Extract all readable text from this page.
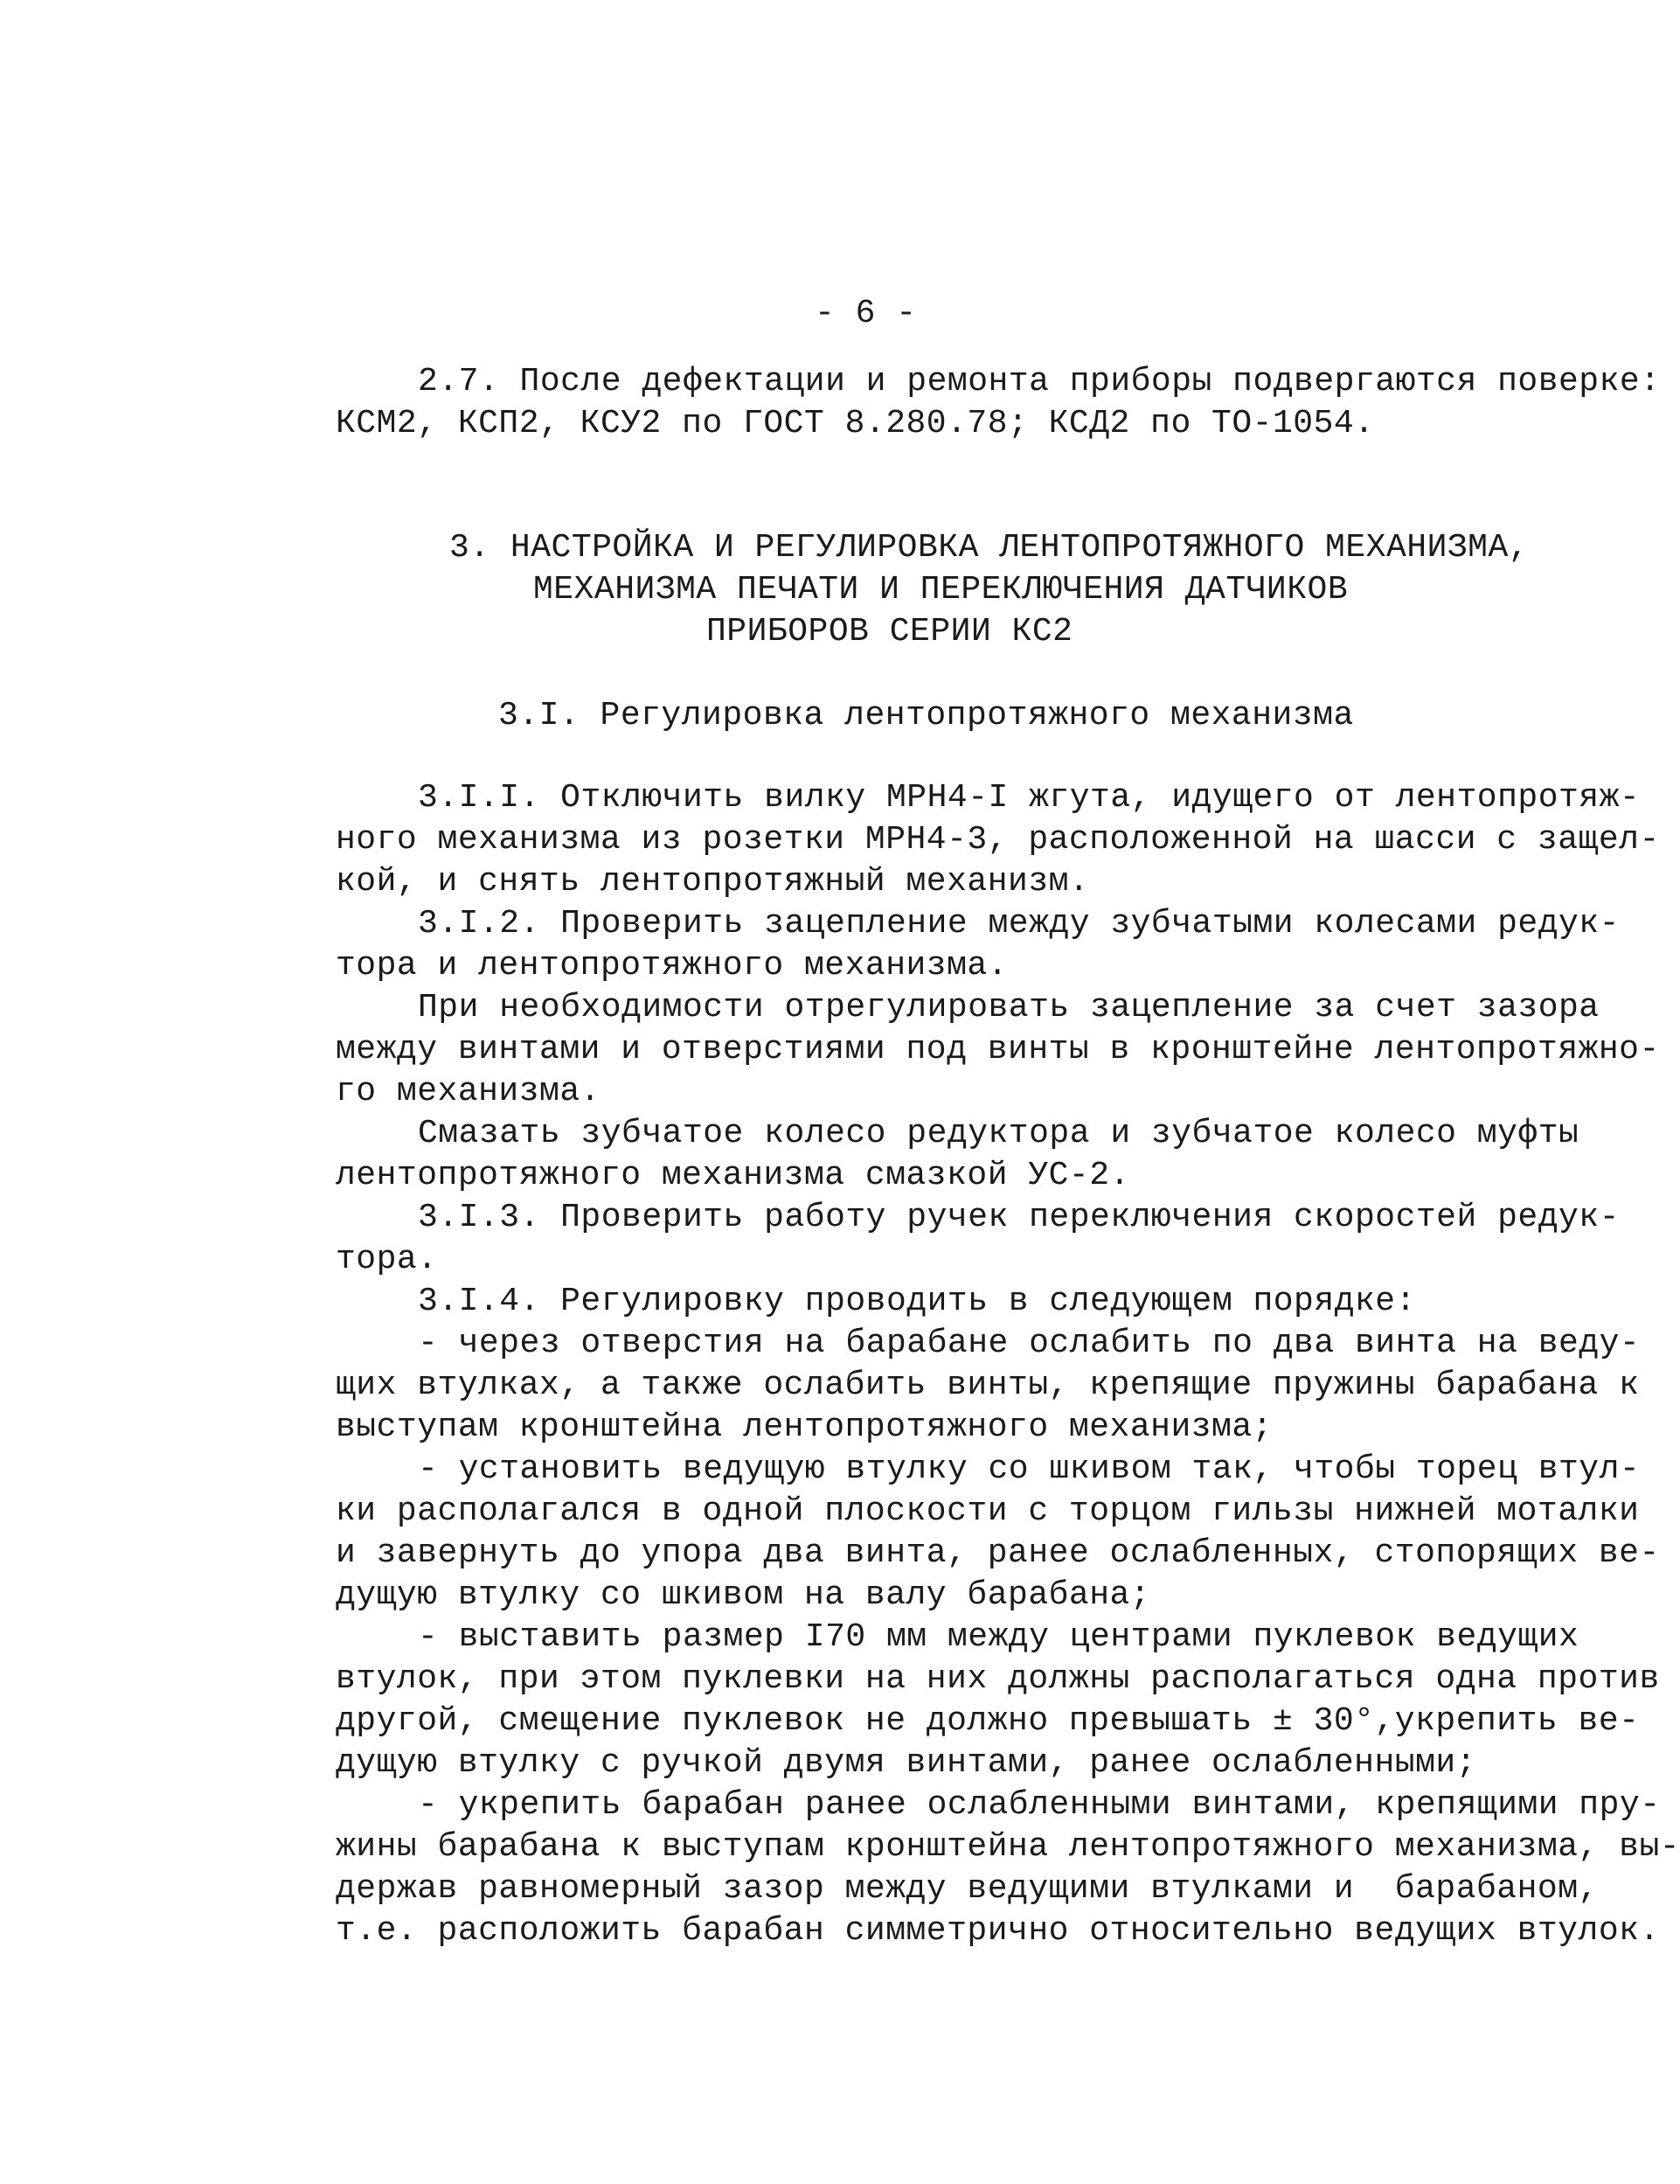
- 6 -
2.7. После дефектации и ремонта приборы подвергаются поверке:
КСМ2, КСП2, КСУ2 по ГОСТ 8.280.78; КСД2 по ТО-1054.
3. НАСТРОЙКА И РЕГУЛИРОВКА ЛЕНТОПРОТЯЖНОГО МЕХАНИЗМА,
МЕХАНИЗМА ПЕЧАТИ И ПЕРЕКЛЮЧЕНИЯ ДАТЧИКОВ
ПРИБОРОВ СЕРИИ КС2
3.I. Регулировка лентопротяжного механизма
3.I.I. Отключить вилку МРН4-I жгута, идущего от лентопротяж-
ного механизма из розетки МРН4-3, расположенной на шасси с защел-
кой, и снять лентопротяжный механизм.
3.I.2. Проверить зацепление между зубчатыми колесами редук-
тора и лентопротяжного механизма.
При необходимости отрегулировать зацепление за счет зазора
между винтами и отверстиями под винты в кронштейне лентопротяжно-
го механизма.
Смазать зубчатое колесо редуктора и зубчатое колесо муфты
лентопротяжного механизма смазкой УС-2.
3.I.3. Проверить работу ручек переключения скоростей редук-
тора.
3.I.4. Регулировку проводить в следующем порядке:
- через отверстия на барабане ослабить по два винта на веду-
щих втулках, а также ослабить винты, крепящие пружины барабана к
выступам кронштейна лентопротяжного механизма;
- установить ведущую втулку со шкивом так, чтобы торец втул-
ки располагался в одной плоскости с торцом гильзы нижней моталки
и завернуть до упора два винта, ранее ослабленных, стопорящих ве-
дущую втулку со шкивом на валу барабана;
- выставить размер I70 мм между центрами пуклевок ведущих
втулок, при этом пуклевки на них должны располагаться одна против
другой, смещение пуклевок не должно превышать ± 30°,укрепить ве-
дущую втулку с ручкой двумя винтами, ранее ослабленными;
- укрепить барабан ранее ослабленными винтами, крепящими пру-
жины барабана к выступам кронштейна лентопротяжного механизма, вы-
держав равномерный зазор между ведущими втулками и  барабаном,
т.е. расположить барабан симметрично относительно ведущих втулок.
